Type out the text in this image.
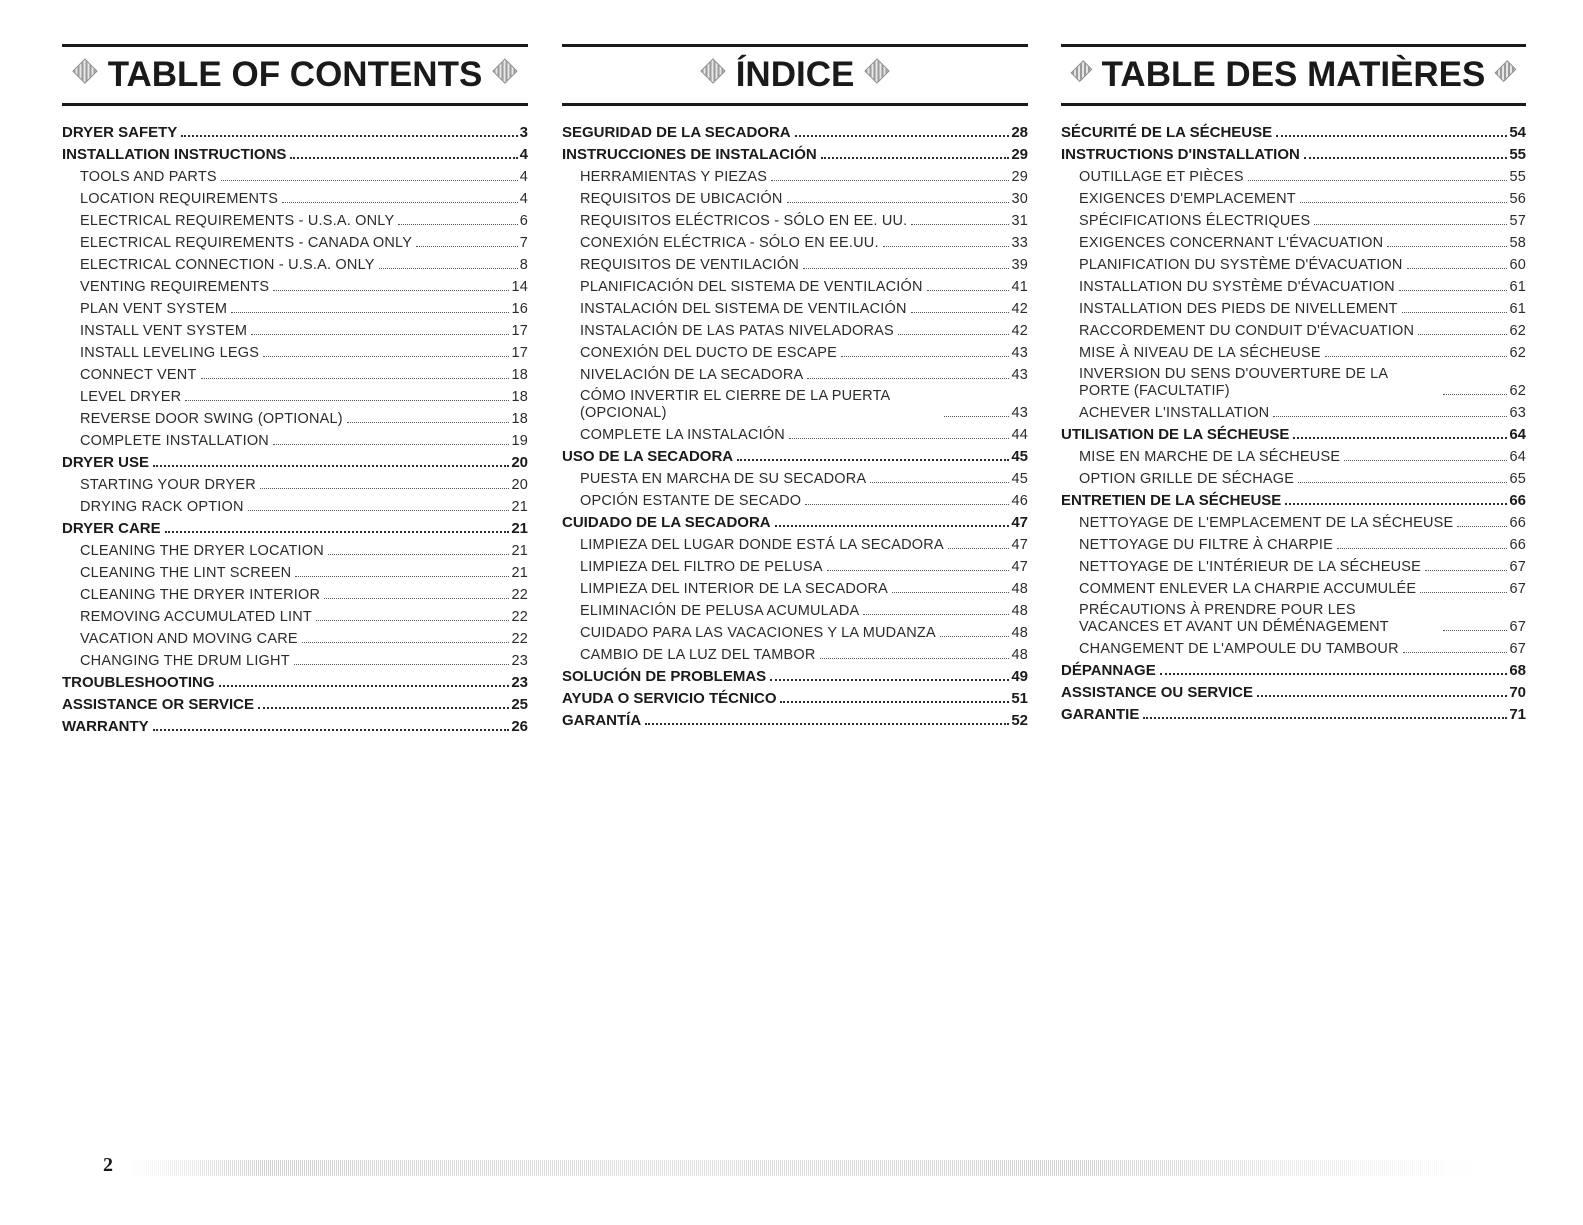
TABLE OF CONTENTS
DRYER SAFETY	3
INSTALLATION INSTRUCTIONS	4
TOOLS AND PARTS	4
LOCATION REQUIREMENTS	4
ELECTRICAL REQUIREMENTS - U.S.A. ONLY	6
ELECTRICAL REQUIREMENTS - CANADA ONLY	7
ELECTRICAL CONNECTION - U.S.A. ONLY	8
VENTING REQUIREMENTS	14
PLAN VENT SYSTEM	16
INSTALL VENT SYSTEM	17
INSTALL LEVELING LEGS	17
CONNECT VENT	18
LEVEL DRYER	18
REVERSE DOOR SWING (OPTIONAL)	18
COMPLETE INSTALLATION	19
DRYER USE	20
STARTING YOUR DRYER	20
DRYING RACK OPTION	21
DRYER CARE	21
CLEANING THE DRYER LOCATION	21
CLEANING THE LINT SCREEN	21
CLEANING THE DRYER INTERIOR	22
REMOVING ACCUMULATED LINT	22
VACATION AND MOVING CARE	22
CHANGING THE DRUM LIGHT	23
TROUBLESHOOTING	23
ASSISTANCE OR SERVICE	25
WARRANTY	26
ÍNDICE
SEGURIDAD DE LA SECADORA	28
INSTRUCCIONES DE INSTALACIÓN	29
HERRAMIENTAS Y PIEZAS	29
REQUISITOS DE UBICACIÓN	30
REQUISITOS ELÉCTRICOS - SÓLO EN EE. UU.	31
CONEXIÓN ELÉCTRICA - SÓLO EN EE.UU.	33
REQUISITOS DE VENTILACIÓN	39
PLANIFICACIÓN DEL SISTEMA DE VENTILACIÓN	41
INSTALACIÓN DEL SISTEMA DE VENTILACIÓN	42
INSTALACIÓN DE LAS PATAS NIVELADORAS	42
CONEXIÓN DEL DUCTO DE ESCAPE	43
NIVELACIÓN DE LA SECADORA	43
CÓMO INVERTIR EL CIERRE DE LA PUERTA (OPCIONAL)	43
COMPLETE LA INSTALACIÓN	44
USO DE LA SECADORA	45
PUESTA EN MARCHA DE SU SECADORA	45
OPCIÓN ESTANTE DE SECADO	46
CUIDADO DE LA SECADORA	47
LIMPIEZA DEL LUGAR DONDE ESTÁ LA SECADORA	47
LIMPIEZA DEL FILTRO DE PELUSA	47
LIMPIEZA DEL INTERIOR DE LA SECADORA	48
ELIMINACIÓN DE PELUSA ACUMULADA	48
CUIDADO PARA LAS VACACIONES Y LA MUDANZA	48
CAMBIO DE LA LUZ DEL TAMBOR	48
SOLUCIÓN DE PROBLEMAS	49
AYUDA O SERVICIO TÉCNICO	51
GARANTÍA	52
TABLE DES MATIÈRES
SÉCURITÉ DE LA SÉCHEUSE	54
INSTRUCTIONS D'INSTALLATION	55
OUTILLAGE ET PIÈCES	55
EXIGENCES D'EMPLACEMENT	56
SPÉCIFICATIONS ÉLECTRIQUES	57
EXIGENCES CONCERNANT L'ÉVACUATION	58
PLANIFICATION DU SYSTÈME D'ÉVACUATION	60
INSTALLATION DU SYSTÈME D'ÉVACUATION	61
INSTALLATION DES PIEDS DE NIVELLEMENT	61
RACCORDEMENT DU CONDUIT D'ÉVACUATION	62
MISE À NIVEAU DE LA SÉCHEUSE	62
INVERSION DU SENS D'OUVERTURE DE LA PORTE (FACULTATIF)	62
ACHEVER L'INSTALLATION	63
UTILISATION DE LA SÉCHEUSE	64
MISE EN MARCHE DE LA SÉCHEUSE	64
OPTION GRILLE DE SÉCHAGE	65
ENTRETIEN DE LA SÉCHEUSE	66
NETTOYAGE DE L'EMPLACEMENT DE LA SÉCHEUSE	66
NETTOYAGE DU FILTRE À CHARPIE	66
NETTOYAGE DE L'INTÉRIEUR DE LA SÉCHEUSE	67
COMMENT ENLEVER LA CHARPIE ACCUMULÉE	67
PRÉCAUTIONS À PRENDRE POUR LES VACANCES ET AVANT UN DÉMÉNAGEMENT	67
CHANGEMENT DE L'AMPOULE DU TAMBOUR	67
DÉPANNAGE	68
ASSISTANCE OU SERVICE	70
GARANTIE	71
2
